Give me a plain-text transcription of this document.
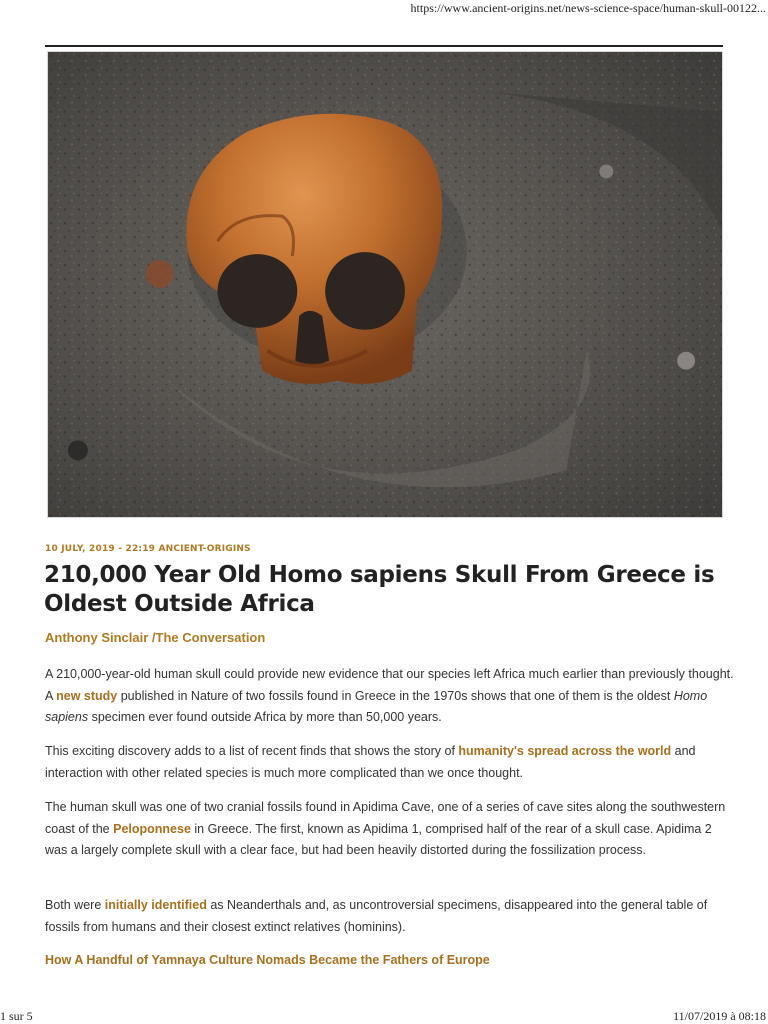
https://www.ancient-origins.net/news-science-space/human-skull-00122...
10 JULY, 2019 - 22:19 ANCIENT-ORIGINS
210,000 Year Old Homo sapiens Skull From Greece is Oldest Outside Africa
Anthony Sinclair /The Conversation

A 210,000-year-old human skull could provide new evidence that our species left Africa much earlier than previously thought. A new study published in Nature of two fossils found in Greece in the 1970s shows that one of them is the oldest Homo sapiens specimen ever found outside Africa by more than 50,000 years.

This exciting discovery adds to a list of recent finds that shows the story of humanity's spread across the world and interaction with other related species is much more complicated than we once thought.

The human skull was one of two cranial fossils found in Apidima Cave, one of a series of cave sites along the southwestern coast of the Peloponnese in Greece. The first, known as Apidima 1, comprised half of the rear of a skull case. Apidima 2 was a largely complete skull with a clear face, but had been heavily distorted during the fossilization process.

Both were initially identified as Neanderthals and, as uncontroversial specimens, disappeared into the general table of fossils from humans and their closest extinct relatives (hominins).

How A Handful of Yamnaya Culture Nomads Became the Fathers of Europe
1 sur 5	11/07/2019 à 08:18
